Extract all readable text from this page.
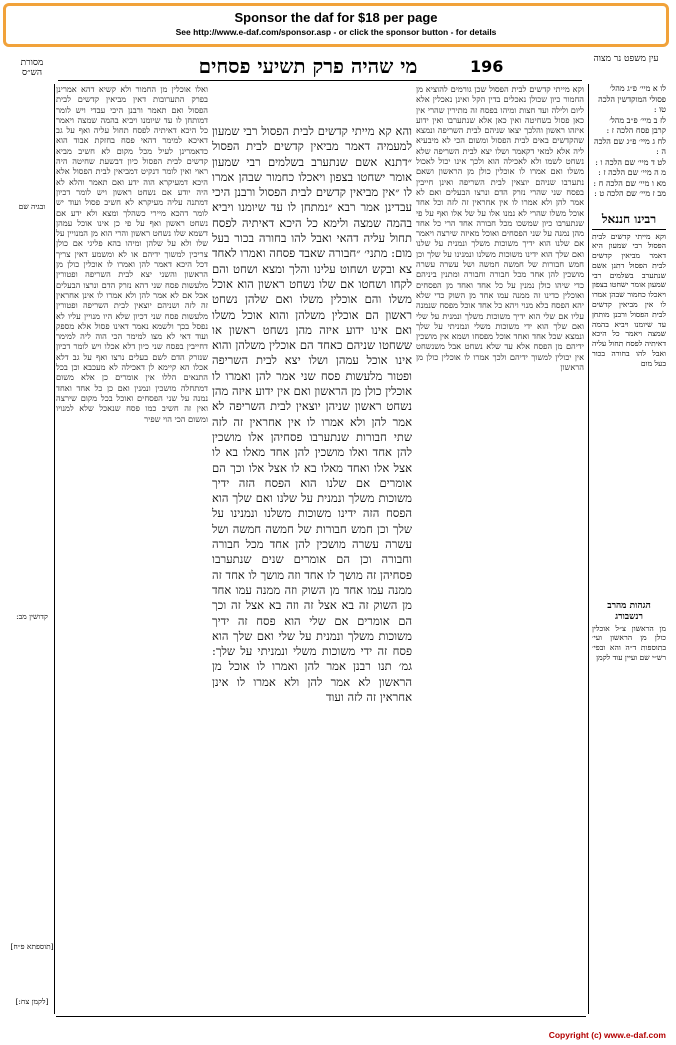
Sponsor the daf for $18 per page
See http://www.e-daf.com/sponsor.asp - or click the sponsor button - for details
מסורת הש״ס	מי שהיה פרק תשיעי פסחים	196	עין משפט נר מצוה
ובגיה שם
קדושין מב:
[תוספתא פ״ח]
[לקמן צח:]

ואלו אוכלין מן החמור ולא קשיא דהא אמרינן בפרק התערובות דאין מביאין קדשים לבית הפסול ואם תאמר ורבנן היכי עבדי ויש לומר דמותחן לו עד שיומנו ויביא בהמה שמצה ויאמר כל היכא דאיתיה לפסח תחול עליה ואף על גב דאיכא למימר דהאי פסח בחזקת אבוד הוא כדאמרינן לעיל מכל מקום לא חשיב מביא קדשים לבית הפסול כיון דבשעת שחיטה היה ראוי ואין לומר דנקיט דמביאין לבית הפסול אלא היכא דמעיקרא הוה ידע ואם תאמר והלא לא היה יודע אם נשחט ראשון ויש לומר דכיון דמתנה עליה מעיקרא לא חשיב פסול ועוד יש לומר דהכא מיירי כשהלך ומצא ולא ידע אם נשחט ראשון ואף על פי כן אינו אוכל עמהן דשמא שלו נשחט ראשון והרי הוא מן המנויין על שלו ולא על שלהן ומיהו בהא פליגי אם כולן צריכין למשוך ידיהם או לא ומשמע דאין צריך דכל היכא דאמר להן ואמרו לו אוכלין כולן מן הראשון והשני יצא לבית השריפה ופטורין מלעשות פסח שני דהא נזרק הדם ונרצו הבעלים אבל אם לא אמר להן ולא אמרו לו אינן אחראין זה לזה ושניהם יוצאין לבית השריפה ופטורין מלעשות פסח שני דכיון שלא היו מנויין עליו לא נפסל בכך ולשמא נאמר דאינו פסול אלא מספק ועוד דאי לא מצו למימר הכי הוה ליה למימר דחייבין בפסח שני כיון דלא אכלו ויש לומר דכיון שנזרק הדם לשם בעלים נרצו ואף על גב דלא אכלו הא קיימא לן דאכילה לא מעכבא וכן בכל התנאים הללו אין אומרים כן אלא משום דמתחלה מושכין ונמנין ואם כן כל אחד ואחד נמנה על שני הפסחים ואוכל בכל מקום שירצה ואין זה חשיב כמו פסח שנאכל שלא למנויו ומשום הכי הוי שפיר

והא קא מייתי קדשים לבית הפסול רבי שמעון למעמיה דאמר מביאין קדשים לבית הפסול ״דתנא אשם שנתערב בשלמים רבי שמעון אומר ישחטו בצפון ויאכלו כחמור שבהן אמרו לו ״אין מביאין קדשים לבית הפסול ורבנן היכי עבדינן אמר רבא ״נמתחן לו עד שיומנו ויביא בהמה שמצה ולימא כל היכא דאיתיה לפסח תחול עליה דהאי ואבל להו בחורה בכור בעל מום: מתני׳ ״חבורה שאבד פסחה ואמרו לאחד צא ובקש ושחוט עלינו והלך ומצא ושחט והם לקחו ושחטו אם שלו נשחט ראשון הוא אוכל משלו והם אוכלין משלו ואם שלהן נשחט ראשון הם אוכלין משלהן והוא אוכל משלו ואם אינו ידוע איזה מהן נשחט ראשון או ששחטו שניהם כאחד הם אוכלין משלהן והוא אינו אוכל עמהן ושלו יצא לבית השריפה ופטור מלעשות פסח שני אמר להן ואמרו לו אוכלין כולן מן הראשון ואם אין ידוע איזה מהן נשחט ראשון שניהן יוצאין לבית השריפה לא אמר להן ולא אמרו לו אין אחראין זה לזה שתי חבורות שנתערבו פסחיהן אלו מושכין להן אחד ואלו מושכין להן אחד מאלו בא לו אצל אלו ואחד מאלו בא לו אצל אלו וכך הם אומרים אם שלנו הוא הפסח הזה ידיך משוכות משלך ונמנית על שלנו ואם שלך הוא הפסח הזה ידינו משוכות משלנו ונמנינו על שלך וכן חמש חבורות של חמשה חמשה ושל עשרה עשרה מושכין להן אחד מכל חבורה וחבורה וכן הם אומרים שנים שנתערבו פסחיהן זה מושך לו אחד וזה מושך לו אחד זה ממנה עמו אחד מן השוק וזה ממנה עמו אחד מן השוק זה בא אצל זה וזה בא אצל זה וכך הם אומרים אם שלי הוא פסח זה ידיך משוכות משלך ונמנית על שלי ואם שלך הוא פסח זה ידי משוכות משלי ונמניתי על שלך: גמ׳ תנו רבנן אמר להן ואמרו לו אוכל מן הראשון לא אמר להן ולא אמרו לו אינן אחראין זה לזה ועוד

וקא מייתי קדשים לבית הפסול שכן גורמים להוציא מן החמור כיון שכולן נאכלים בדין הקל ואינן נאכלין אלא ליום ולילה ועד חצות ומיהו בפסח זה מתירין שהרי אין כאן פסול בשחיטה ואין כאן אלא שנתערבו ואין ידוע איזהו ראשון והלכך יצאו שניהם לבית השריפה ונמצא שהקדשים באים לבית הפסול ומשום הכי לא מיבעיא ליה אלא למאי דקאמר ושלו יצא לבית השריפה שלא נשחט לשמו ולא לאכילה הוא ולכך אינו יכול לאכול משלו ואם אמרו לו אוכלין כולן מן הראשון ושאם נתערבו שניהם יוצאין לבית השריפה ואינן חייבין בפסח שני שהרי נזרק הדם ונרצו הבעלים ואם לא אמר להן ולא אמרו לו אין אחראין זה לזה וכל אחד אוכל משלו שהרי לא נמנו אלו על של אלו ואף על פי שנתערבו כיון שמשכו מכל חבורה אחד הרי כל אחד מהן נמנה על שני הפסחים ואוכל מאיזה שירצה ויאמר אם שלנו הוא ידיך משוכות משלך ונמנית על שלנו ואם שלך הוא ידינו משוכות משלנו ונמנינו על שלך וכן חמש חבורות של חמשה חמשה ושל עשרה עשרה מושכין להן אחד מכל חבורה וחבורה ומתנין ביניהם כדי שיהו כולן נמנין על כל אחד ואחד מן הפסחים ואוכלין כדינו זה ממנה עמו אחד מן השוק כדי שלא יהא הפסח בלא מנוי ויהא כל אחד אוכל מפסח שנמנה עליו אם שלי הוא ידיך משוכות משלך ונמנית על שלי ואם שלך הוא ידי משוכות משלי ונמניתי על שלך ונמצא שכל אחד ואחד אוכל מפסחו ושמא אין מושכין ידיהם מן הפסח אלא עד שלא נשחט אבל משנשחט אין יכולין למשוך ידיהם ולכך אמרו לו אוכלין כולן מן הראשון

לו א מיי׳ פ״ג מהל׳
פסולי המוקדשין הלכה טו :
לז ב מיי׳ פ״ב מהל׳
קרבן פסח הלכה ז :
לח ג מיי׳ פ״ג שם הלכה ה :
לט ד מיי׳ שם הלכה ו :
מ ה מיי׳ שם הלכה ז :
מא ו מיי׳ שם הלכה ח :
מב ז מיי׳ שם הלכה ט :
רבינו חננאל
וקא מייתי קדשים לבית הפסול רבי שמעון היא דאמר מביאין קדשים לבית הפסול דתנן אשם שנתערב בשלמים רבי שמעון אומר ישחטו בצפון ויאכלו כחמור שבהן אמרו לו אין מביאין קדשים לבית הפסול ורבנן מותחן עד שיומנו ויביא בהמה שמצה ויאמר כל היכא דאיתיה לפסח תחול עליה ואבל להו בחורה בכור בעל מום
הגהות מהרב רנשבורג
מן הראשון צ״ל אוכלין כולן מן הראשון ועי׳ בתוספות ד״ה והא ובפי׳ רש״י שם ועיין עוד לקמן
Copyright (c) www.e-daf.com
